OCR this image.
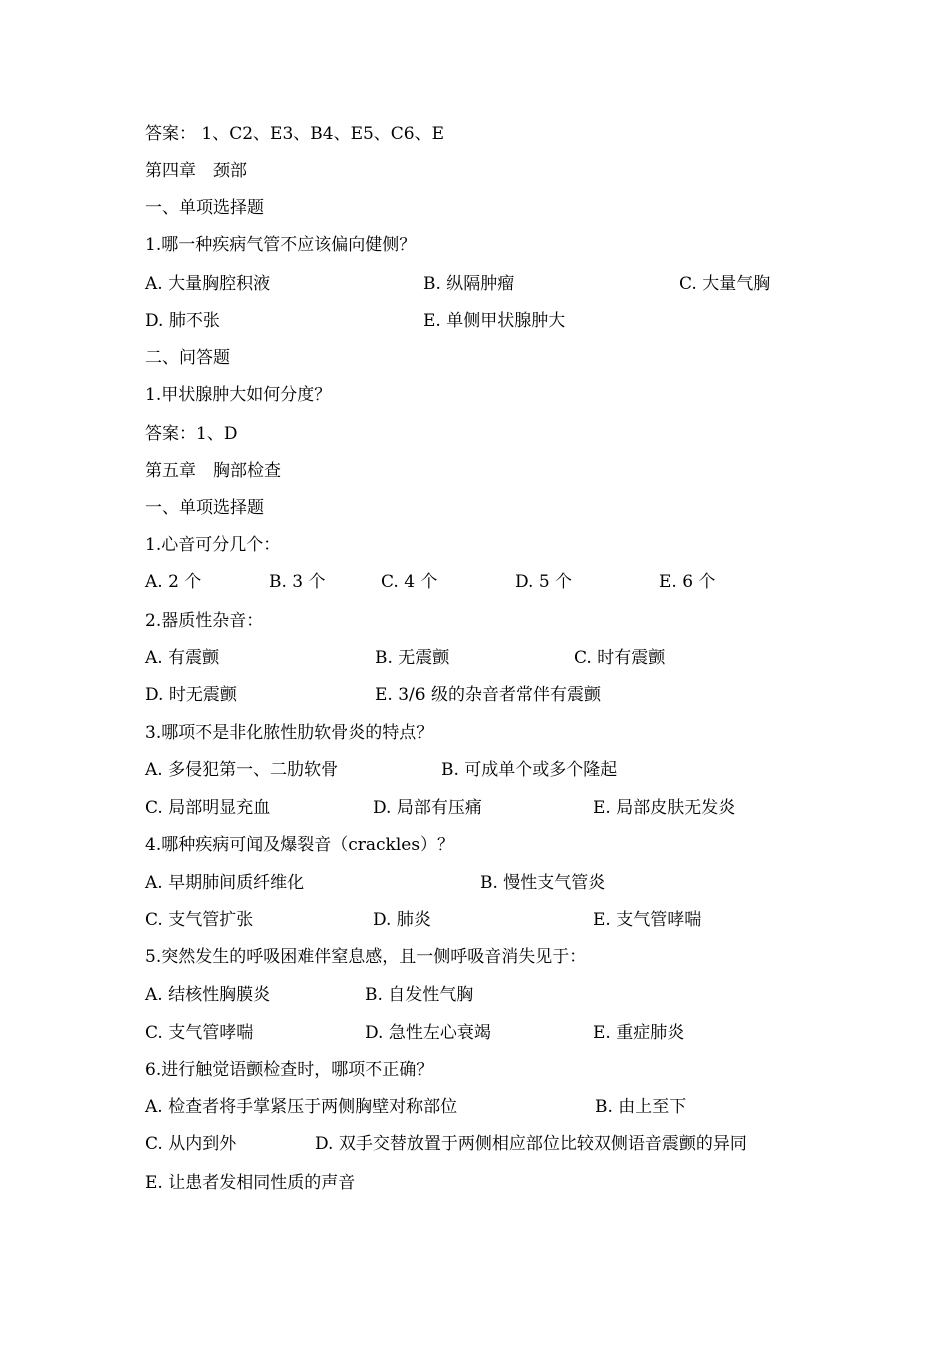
答案： 1、C2、E3、B4、E5、C6、E
第四章　颈部
一、单项选择题
1.哪一种疾病气管不应该偏向健侧？
A. 大量胸腔积液	B. 纵隔肿瘤	C. 大量气胸
D. 肺不张	E. 单侧甲状腺肿大
二、问答题
1.甲状腺肿大如何分度？
答案：1、D
第五章　胸部检查
一、单项选择题
1.心音可分几个：
A. 2 个	B. 3 个	C. 4 个	D. 5 个	E. 6 个
2.器质性杂音：
A. 有震颤	B. 无震颤	C. 时有震颤
D. 时无震颤	E. 3/6 级的杂音者常伴有震颤
3.哪项不是非化脓性肋软骨炎的特点？
A. 多侵犯第一、二肋软骨	B. 可成单个或多个隆起
C. 局部明显充血	D. 局部有压痛	E. 局部皮肤无发炎
4.哪种疾病可闻及爆裂音（crackles）？
A. 早期肺间质纤维化	B. 慢性支气管炎
C. 支气管扩张	D. 肺炎	E. 支气管哮喘
5.突然发生的呼吸困难伴窒息感，且一侧呼吸音消失见于：
A. 结核性胸膜炎	B. 自发性气胸
C. 支气管哮喘	D. 急性左心衰竭	E. 重症肺炎
6.进行触觉语颤检查时，哪项不正确？
A. 检查者将手掌紧压于两侧胸壁对称部位	B. 由上至下
C. 从内到外	D. 双手交替放置于两侧相应部位比较双侧语音震颤的异同
E. 让患者发相同性质的声音
